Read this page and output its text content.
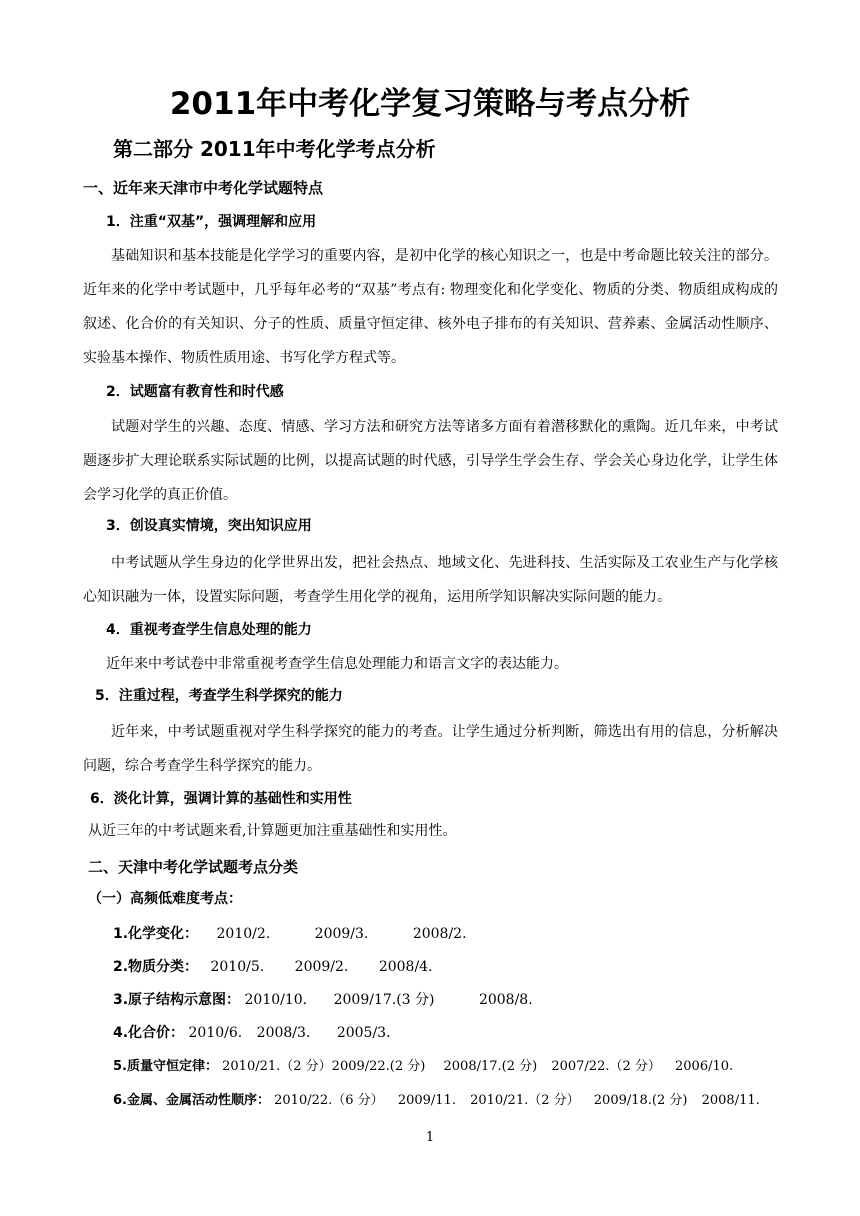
2011年中考化学复习策略与考点分析
第二部分 2011年中考化学考点分析
一、近年来天津市中考化学试题特点
1．注重“双基”，强调理解和应用

基础知识和基本技能是化学学习的重要内容，是初中化学的核心知识之一，也是中考命题比较关注的部分。近年来的化学中考试题中，几乎每年必考的“双基”考点有: 物理变化和化学变化、物质的分类、物质组成构成的叙述、化合价的有关知识、分子的性质、质量守恒定律、核外电子排布的有关知识、营养素、金属活动性顺序、实验基本操作、物质性质用途、书写化学方程式等。

2．试题富有教育性和时代感

试题对学生的兴趣、态度、情感、学习方法和研究方法等诸多方面有着潜移默化的熏陶。近几年来，中考试题逐步扩大理论联系实际试题的比例，以提高试题的时代感，引导学生学会生存、学会关心身边化学，让学生体会学习化学的真正价值。

3．创设真实情境，突出知识应用

中考试题从学生身边的化学世界出发，把社会热点、地域文化、先进科技、生活实际及工农业生产与化学核心知识融为一体，设置实际问题，考查学生用化学的视角，运用所学知识解决实际问题的能力。

4．重视考查学生信息处理的能力
近年来中考试卷中非常重视考查学生信息处理能力和语言文字的表达能力。
5．注重过程，考查学生科学探究的能力

近年来，中考试题重视对学生科学探究的能力的考查。让学生通过分析判断，筛选出有用的信息，分析解决问题，综合考查学生科学探究的能力。

6．淡化计算，强调计算的基础性和实用性
从近三年的中考试题来看,计算题更加注重基础性和实用性。
二、天津中考化学试题考点分类
（一）高频低难度考点：
1.化学变化： 2010/2.	2009/3.	2008/2.
2.物质分类： 2010/5. 2009/2. 2008/4.
3.原子结构示意图： 2010/10. 2009/17.(3 分)	2008/8.
4.化合价： 2010/6. 2008/3. 2005/3.
5.质量守恒定律： 2010/21.（2 分）2009/22.(2 分) 2008/17.(2 分) 2007/22.（2 分） 2006/10.
6.金属、金属活动性顺序： 2010/22.（6 分） 2009/11. 2010/21.（2 分） 2009/18.(2 分) 2008/11.
1
